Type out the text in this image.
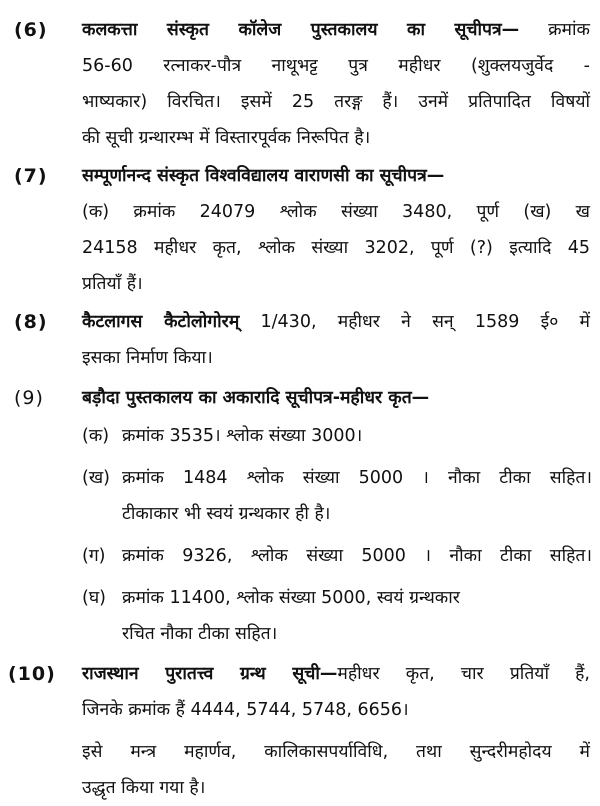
(6) कलकत्ता संस्कृत कॉलेज पुस्तकालय का सूचीपत्र— क्रमांक
56-60 रत्नाकर-पौत्र नाथूभट्ट पुत्र महीधर (शुक्लयजुर्वेद -
भाष्यकार) विरचित। इसमें 25 तरङ्ग हैं। उनमें प्रतिपादित विषयों
की सूची ग्रन्थारम्भ में विस्तारपूर्वक निरूपित है।
(7) सम्पूर्णानन्द संस्कृत विश्वविद्यालय वाराणसी का सूचीपत्र—
(क) क्रमांक 24079 श्लोक संख्या 3480, पूर्ण (ख) ख
24158 महीधर कृत, श्लोक संख्या 3202, पूर्ण (?) इत्यादि 45
प्रतियाँ हैं।
(8) कैटलागस कैटोलोगोरम् 1/430, महीधर ने सन् 1589 ई० में
इसका निर्माण किया।
(9) बड़ौदा पुस्तकालय का अकारादि सूचीपत्र-महीधर कृत—
(क) क्रमांक 3535। श्लोक संख्या 3000।
(ख) क्रमांक 1484 श्लोक संख्या 5000 । नौका टीका सहित।
टीकाकार भी स्वयं ग्रन्थकार ही है।
(ग) क्रमांक 9326, श्लोक संख्या 5000 । नौका टीका सहित।
(घ) क्रमांक 11400, श्लोक संख्या 5000, स्वयं ग्रन्थकार
रचित नौका टीका सहित।
(10) राजस्थान पुरातत्त्व ग्रन्थ सूची—महीधर कृत, चार प्रतियाँ हैं,
जिनके क्रमांक हैं 4444, 5744, 5748, 6656।
इसे मन्त्र महार्णव, कालिकासपर्याविधि, तथा सुन्दरीमहोदय में
उद्धृत किया गया है।
